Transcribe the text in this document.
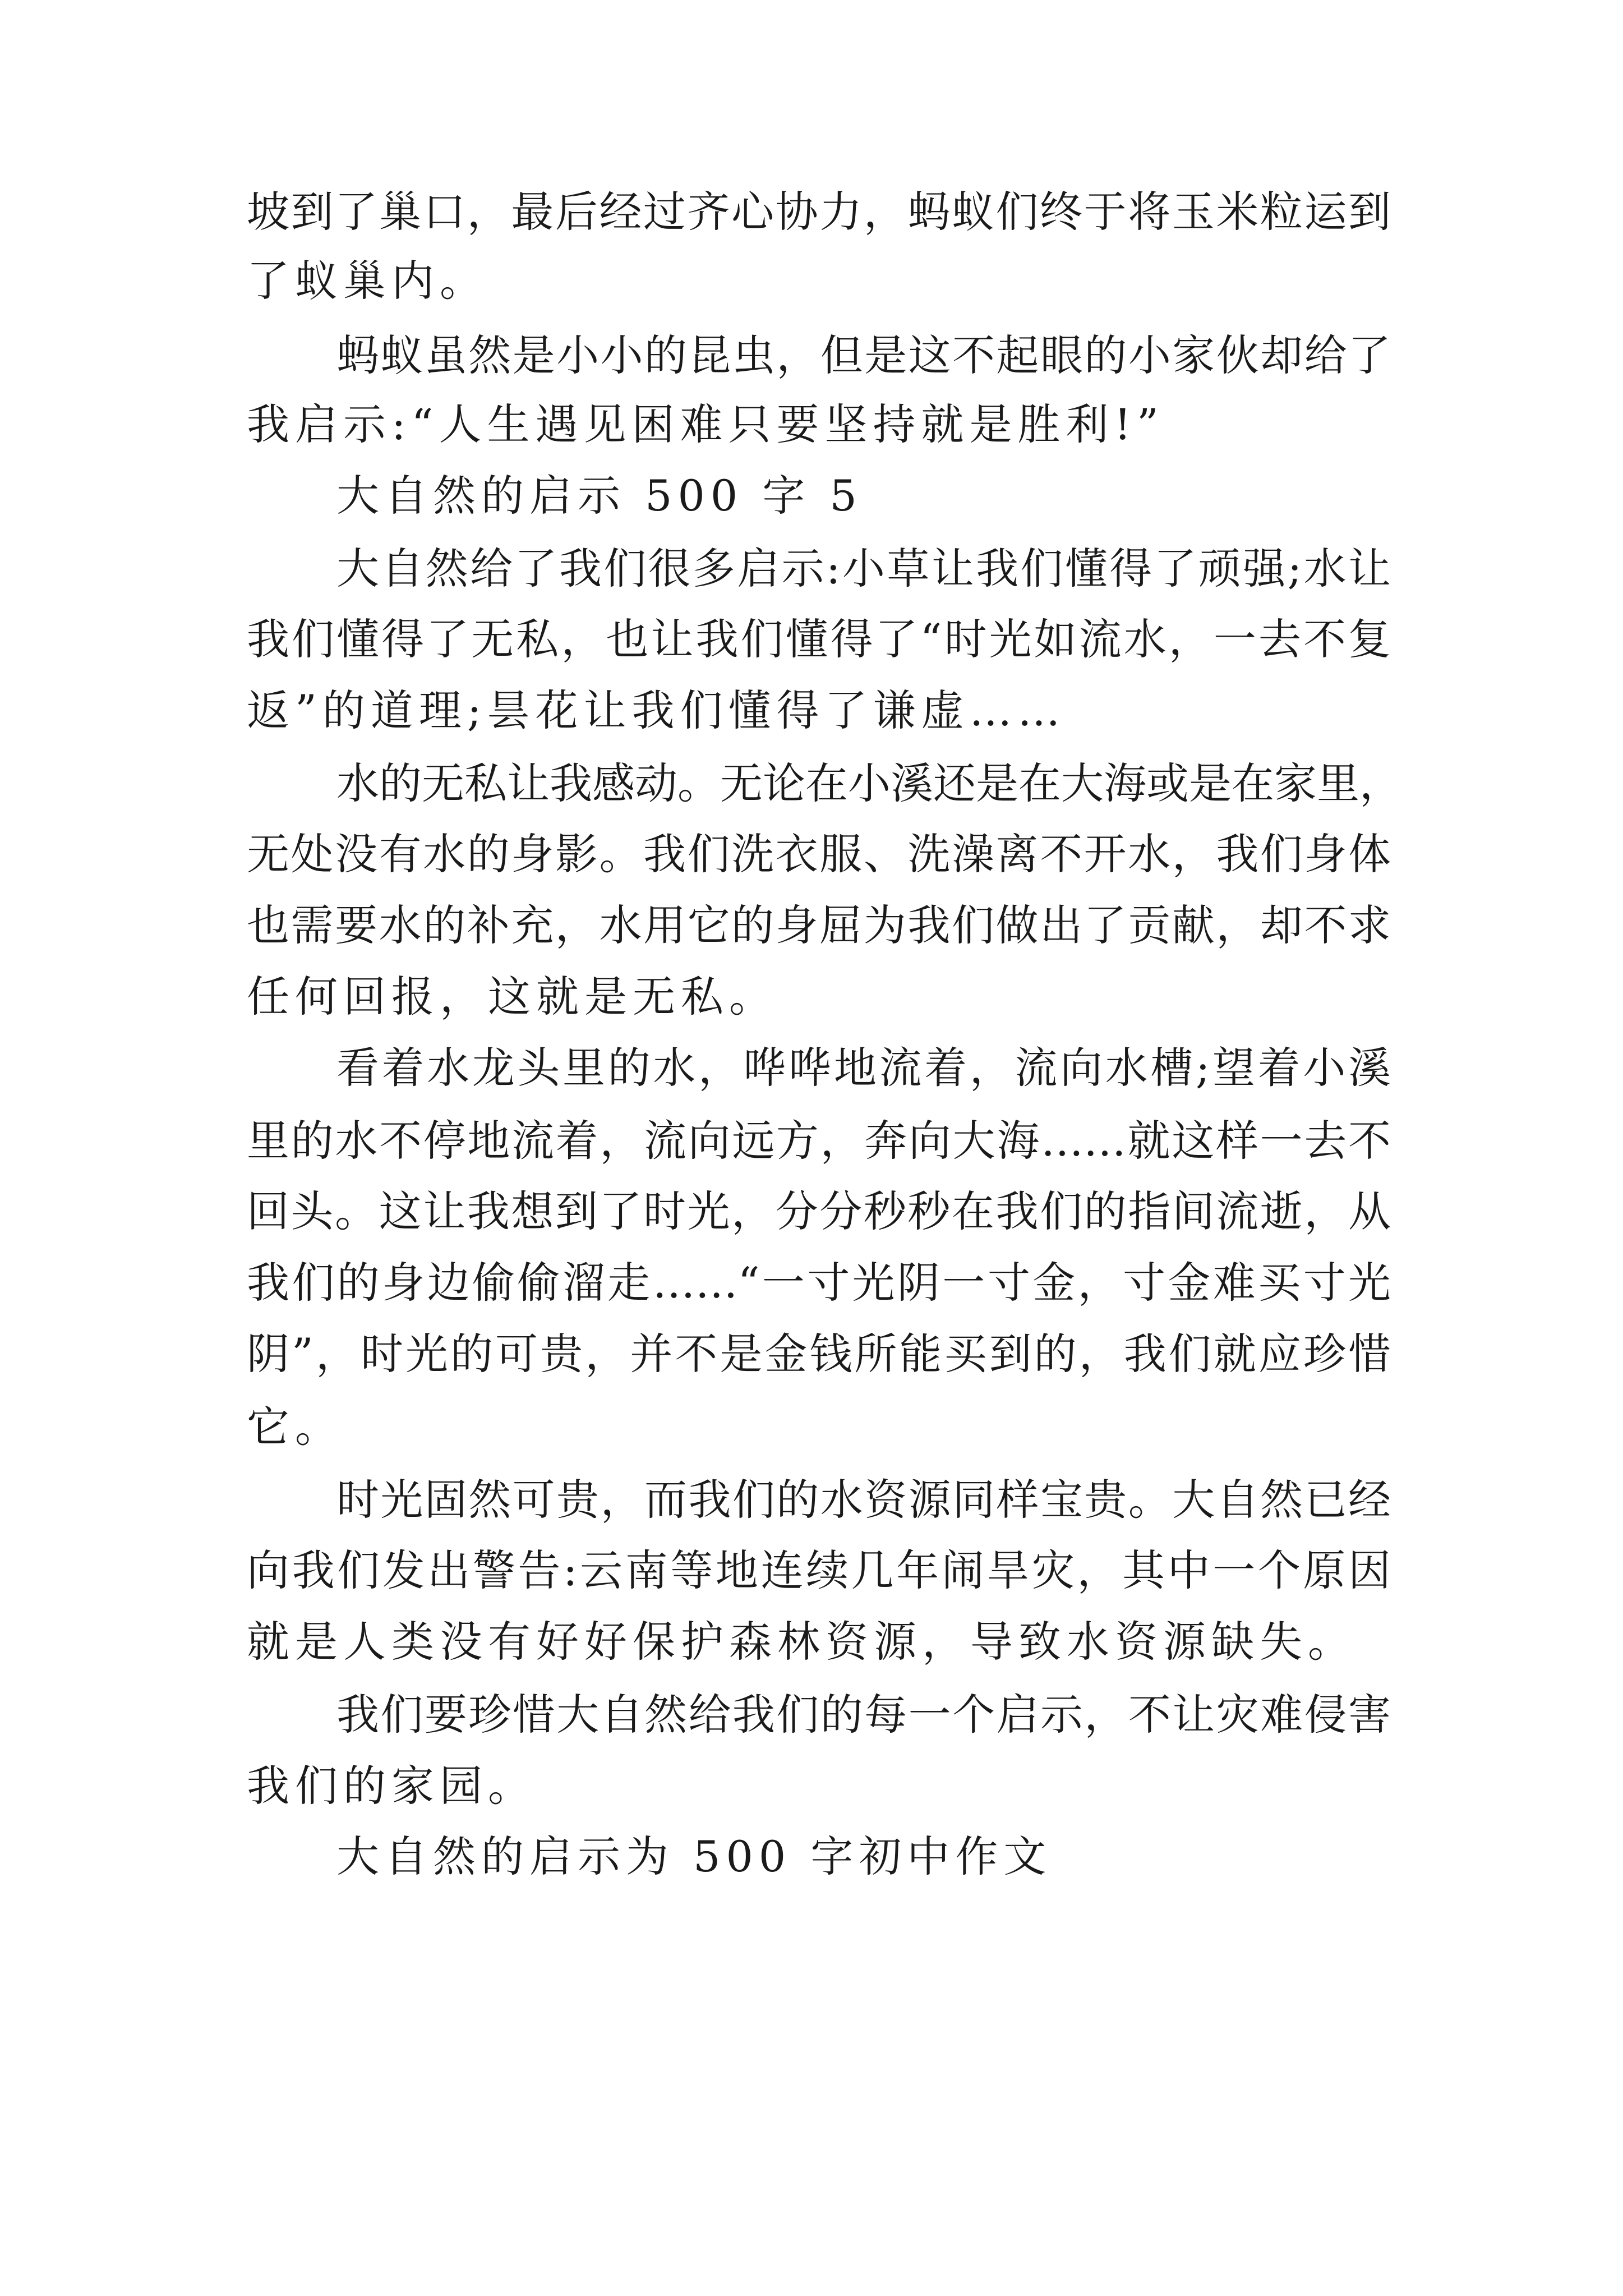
坡到了巢口，最后经过齐心协力，蚂蚁们终于将玉米粒运到
了蚁巢内。
蚂蚁虽然是小小的昆虫，但是这不起眼的小家伙却给了
我启示:“人生遇见困难只要坚持就是胜利!”
大自然的启示 500 字 5
大自然给了我们很多启示:小草让我们懂得了顽强;水让
我们懂得了无私，也让我们懂得了“时光如流水，一去不复
返”的道理;昙花让我们懂得了谦虚……
水的无私让我感动。无论在小溪还是在大海或是在家里，
无处没有水的身影。我们洗衣服、洗澡离不开水，我们身体
也需要水的补充，水用它的身屈为我们做出了贡献，却不求
任何回报，这就是无私。
看着水龙头里的水，哗哗地流着，流向水槽;望着小溪
里的水不停地流着，流向远方，奔向大海……就这样一去不
回头。这让我想到了时光，分分秒秒在我们的指间流逝，从
我们的身边偷偷溜走……“一寸光阴一寸金，寸金难买寸光
阴”，时光的可贵，并不是金钱所能买到的，我们就应珍惜
它。
时光固然可贵，而我们的水资源同样宝贵。大自然已经
向我们发出警告:云南等地连续几年闹旱灾，其中一个原因
就是人类没有好好保护森林资源，导致水资源缺失。
我们要珍惜大自然给我们的每一个启示，不让灾难侵害
我们的家园。
大自然的启示为 500 字初中作文
